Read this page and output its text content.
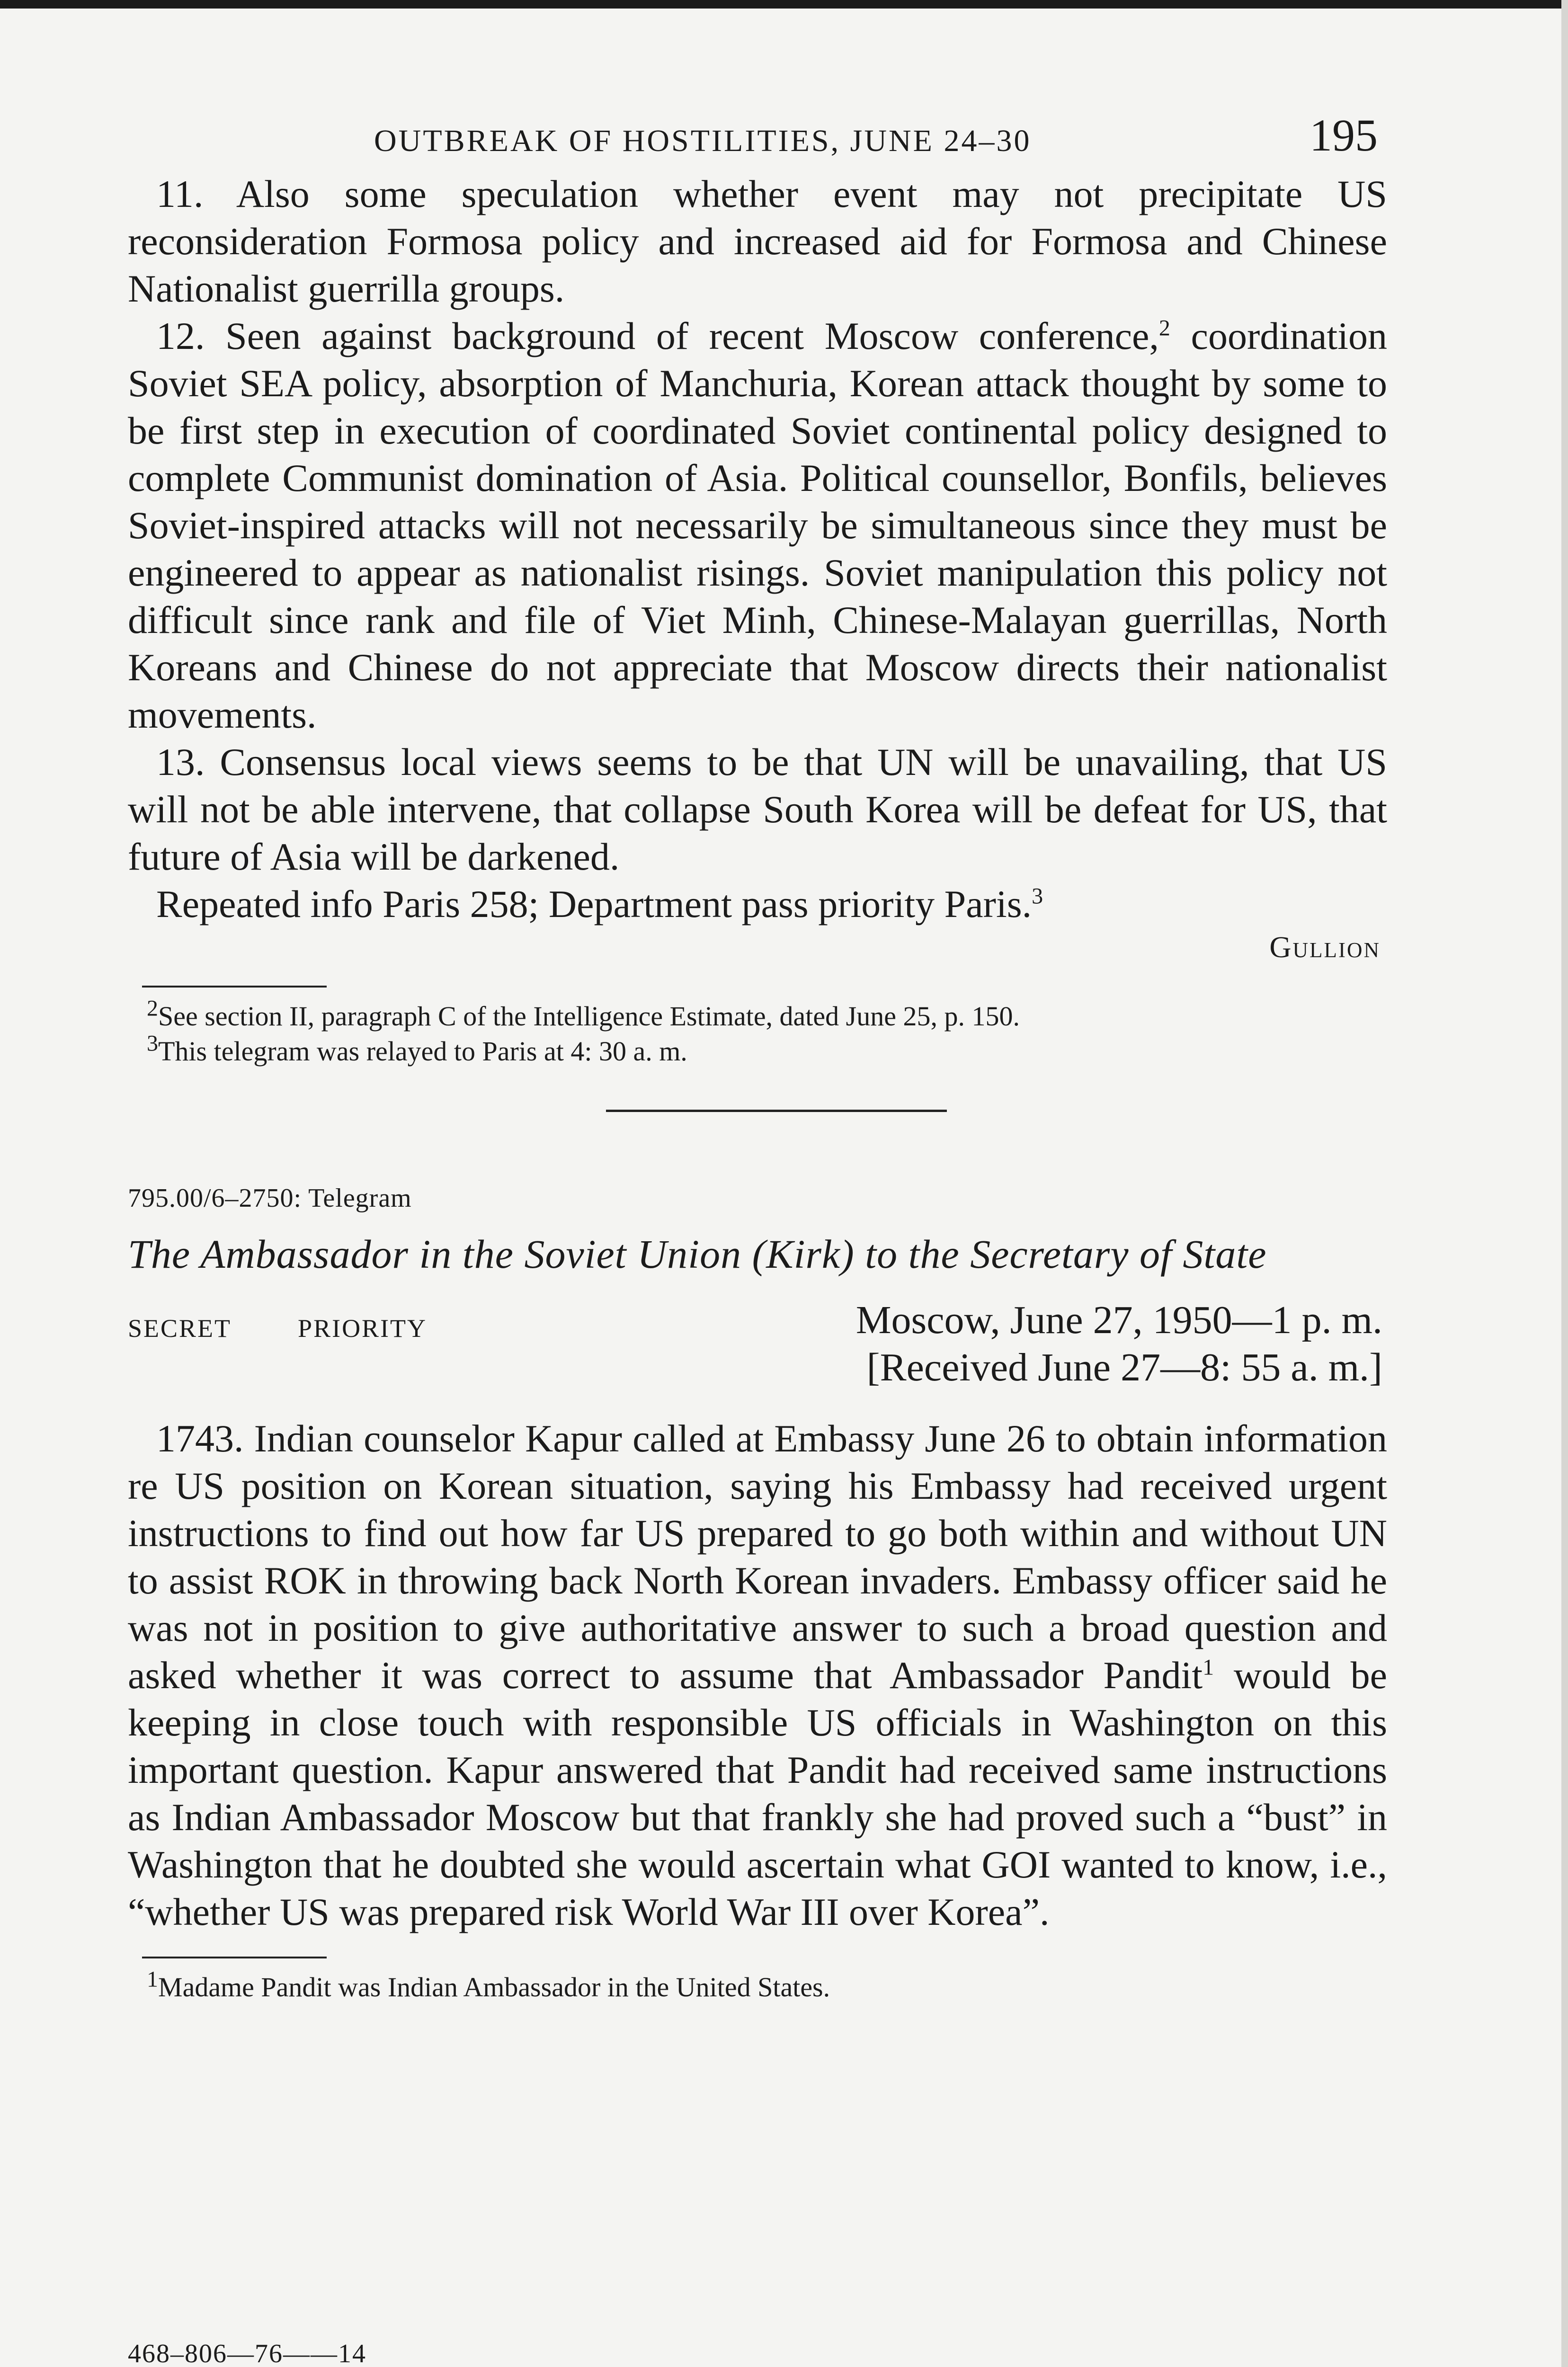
OUTBREAK OF HOSTILITIES, JUNE 24–30	195

11. Also some speculation whether event may not precipitate US reconsideration Formosa policy and increased aid for Formosa and Chinese Nationalist guerrilla groups.

12. Seen against background of recent Moscow conference,$^2$ coordination Soviet SEA policy, absorption of Manchuria, Korean attack thought by some to be first step in execution of coordinated Soviet continental policy designed to complete Communist domination of Asia. Political counsellor, Bonfils, believes Soviet-inspired attacks will not necessarily be simultaneous since they must be engineered to appear as nationalist risings. Soviet manipulation this policy not difficult since rank and file of Viet Minh, Chinese-Malayan guerrillas, North Koreans and Chinese do not appreciate that Moscow directs their nationalist movements.

13. Consensus local views seems to be that UN will be unavailing, that US will not be able intervene, that collapse South Korea will be defeat for US, that future of Asia will be darkened.

Repeated info Paris 258; Department pass priority Paris.$^3$

Gullion

$^2$See section II, paragraph C of the Intelligence Estimate, dated June 25, p. 150.

$^3$This telegram was relayed to Paris at 4: 30 a. m.

795.00/6–2750: Telegram
The Ambassador in the Soviet Union (Kirk) to the Secretary of State
SECRET	PRIORITY	Moscow, June 27, 1950—1 p. m.
[Received June 27—8: 55 a. m.]

1743. Indian counselor Kapur called at Embassy June 26 to obtain information re US position on Korean situation, saying his Embassy had received urgent instructions to find out how far US prepared to go both within and without UN to assist ROK in throwing back North Korean invaders. Embassy officer said he was not in position to give authoritative answer to such a broad question and asked whether it was correct to assume that Ambassador Pandit$^1$ would be keeping in close touch with responsible US officials in Washington on this important question. Kapur answered that Pandit had received same instructions as Indian Ambassador Moscow but that frankly she had proved such a “bust” in Washington that he doubted she would ascertain what GOI wanted to know, i.e., “whether US was prepared risk World War III over Korea”.

$^1$Madame Pandit was Indian Ambassador in the United States.

468–806—76——14
